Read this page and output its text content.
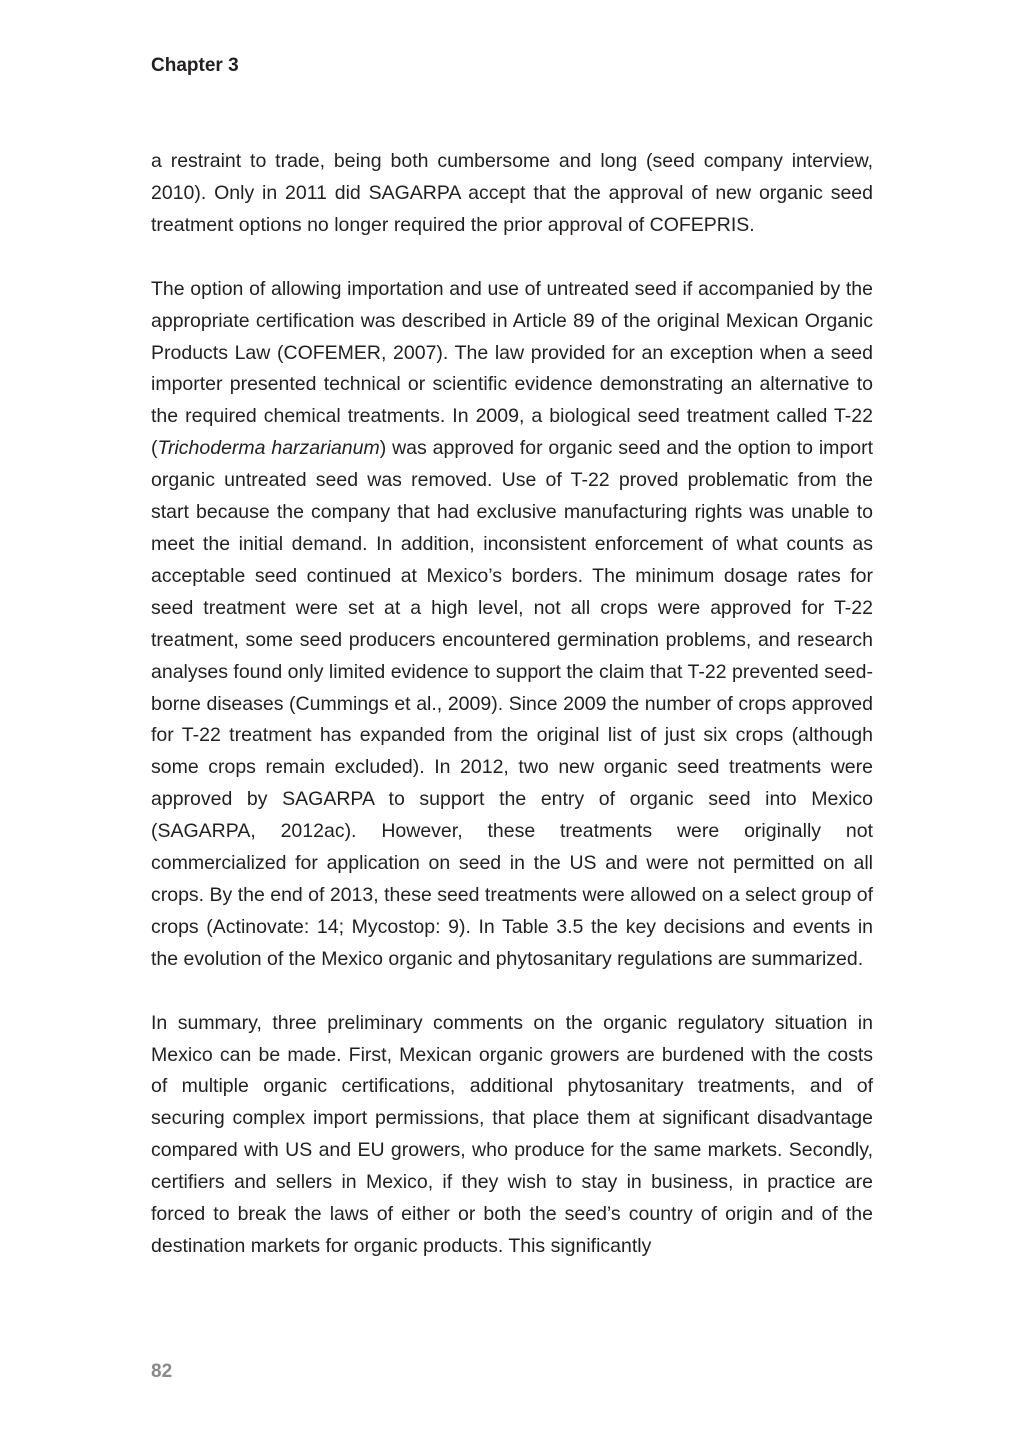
Chapter 3

a restraint to trade, being both cumbersome and long (seed company interview, 2010). Only in 2011 did SAGARPA accept that the approval of new organic seed treatment options no longer required the prior approval of COFEPRIS.

The option of allowing importation and use of untreated seed if accompanied by the appropriate certification was described in Article 89 of the original Mexican Organic Products Law (COFEMER, 2007). The law provided for an exception when a seed importer presented technical or scientific evidence demonstrating an alternative to the required chemical treatments. In 2009, a biological seed treatment called T-22 (Trichoderma harzarianum) was approved for organic seed and the option to import organic untreated seed was removed. Use of T-22 proved problematic from the start because the company that had exclusive manufacturing rights was unable to meet the initial demand. In addition, inconsistent enforcement of what counts as acceptable seed continued at Mexico’s borders. The minimum dosage rates for seed treatment were set at a high level, not all crops were approved for T-22 treatment, some seed producers encountered germination problems, and research analyses found only limited evidence to support the claim that T-22 prevented seed-borne diseases (Cummings et al., 2009). Since 2009 the number of crops approved for T-22 treatment has expanded from the original list of just six crops (although some crops remain excluded). In 2012, two new organic seed treatments were approved by SAGARPA to support the entry of organic seed into Mexico (SAGARPA, 2012ac). However, these treatments were originally not commercialized for application on seed in the US and were not permitted on all crops. By the end of 2013, these seed treatments were allowed on a select group of crops (Actinovate: 14; Mycostop: 9). In Table 3.5 the key decisions and events in the evolution of the Mexico organic and phytosanitary regulations are summarized.

In summary, three preliminary comments on the organic regulatory situation in Mexico can be made. First, Mexican organic growers are burdened with the costs of multiple organic certifications, additional phytosanitary treatments, and of securing complex import permissions, that place them at significant disadvantage compared with US and EU growers, who produce for the same markets. Secondly, certifiers and sellers in Mexico, if they wish to stay in business, in practice are forced to break the laws of either or both the seed’s country of origin and of the destination markets for organic products. This significantly

82
